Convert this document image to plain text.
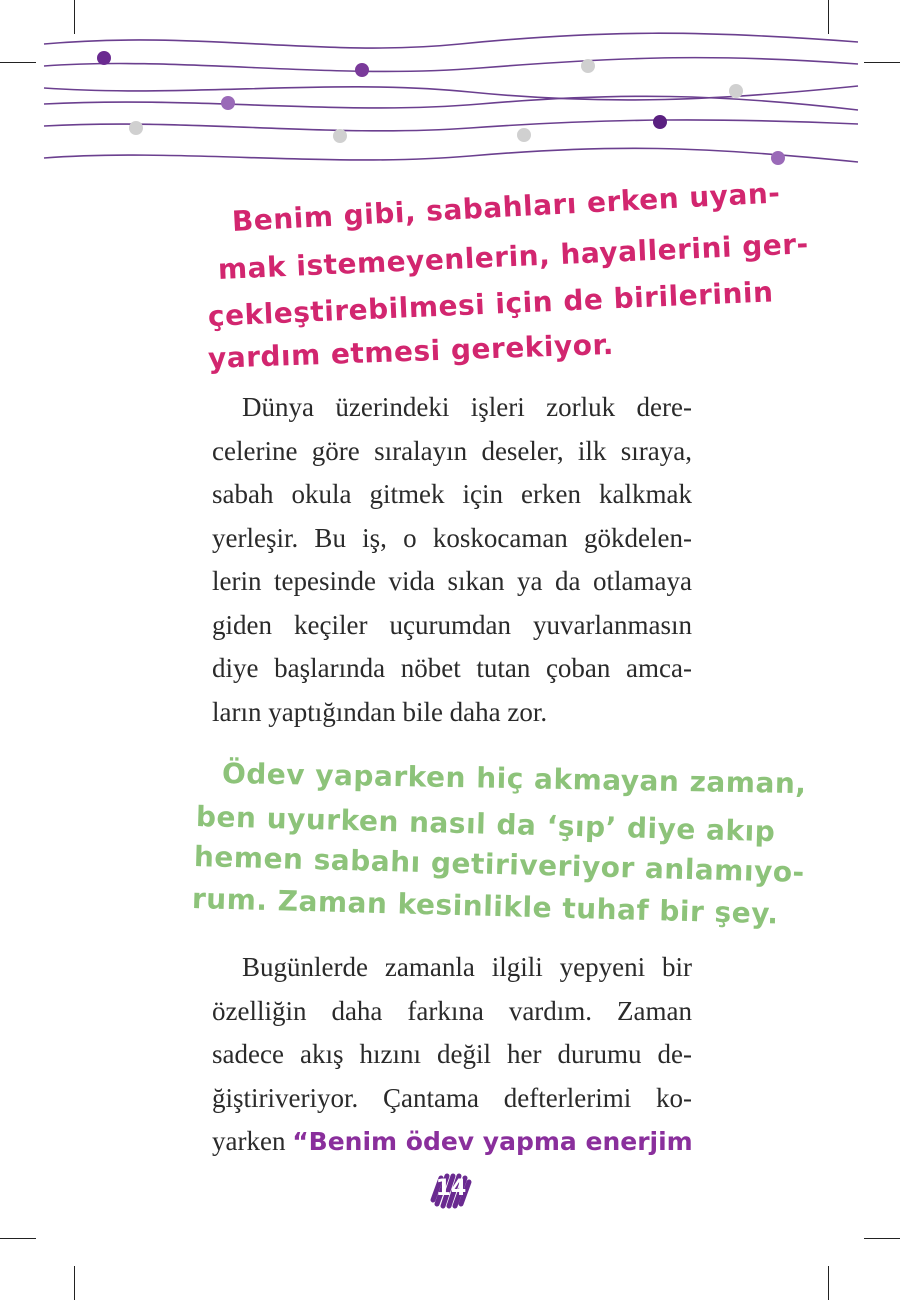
Benim gibi, sabahları erken uyan-
mak istemeyenlerin, hayallerini ger-
çekleştirebilmesi için de birilerinin
yardım etmesi gerekiyor.
Dünya üzerindeki işleri zorluk dere-
celerine göre sıralayın deseler, ilk sıraya,
sabah okula gitmek için erken kalkmak
yerleşir. Bu iş, o koskocaman gökdelen-
lerin tepesinde vida sıkan ya da otlamaya
giden keçiler uçurumdan yuvarlanmasın
diye başlarında nöbet tutan çoban amca-
ların yaptığından bile daha zor.
Ödev yaparken hiç akmayan zaman,
ben uyurken nasıl da ‘şıp’ diye akıp
hemen sabahı getiriveriyor anlamıyo-
rum. Zaman kesinlikle tuhaf bir şey.
Bugünlerde zamanla ilgili yepyeni bir
özelliğin daha farkına vardım. Zaman
sadece akış hızını değil her durumu de-
ğiştiriveriyor. Çantama defterlerimi ko-
yarken “Benim ödev yapma enerjim
14
